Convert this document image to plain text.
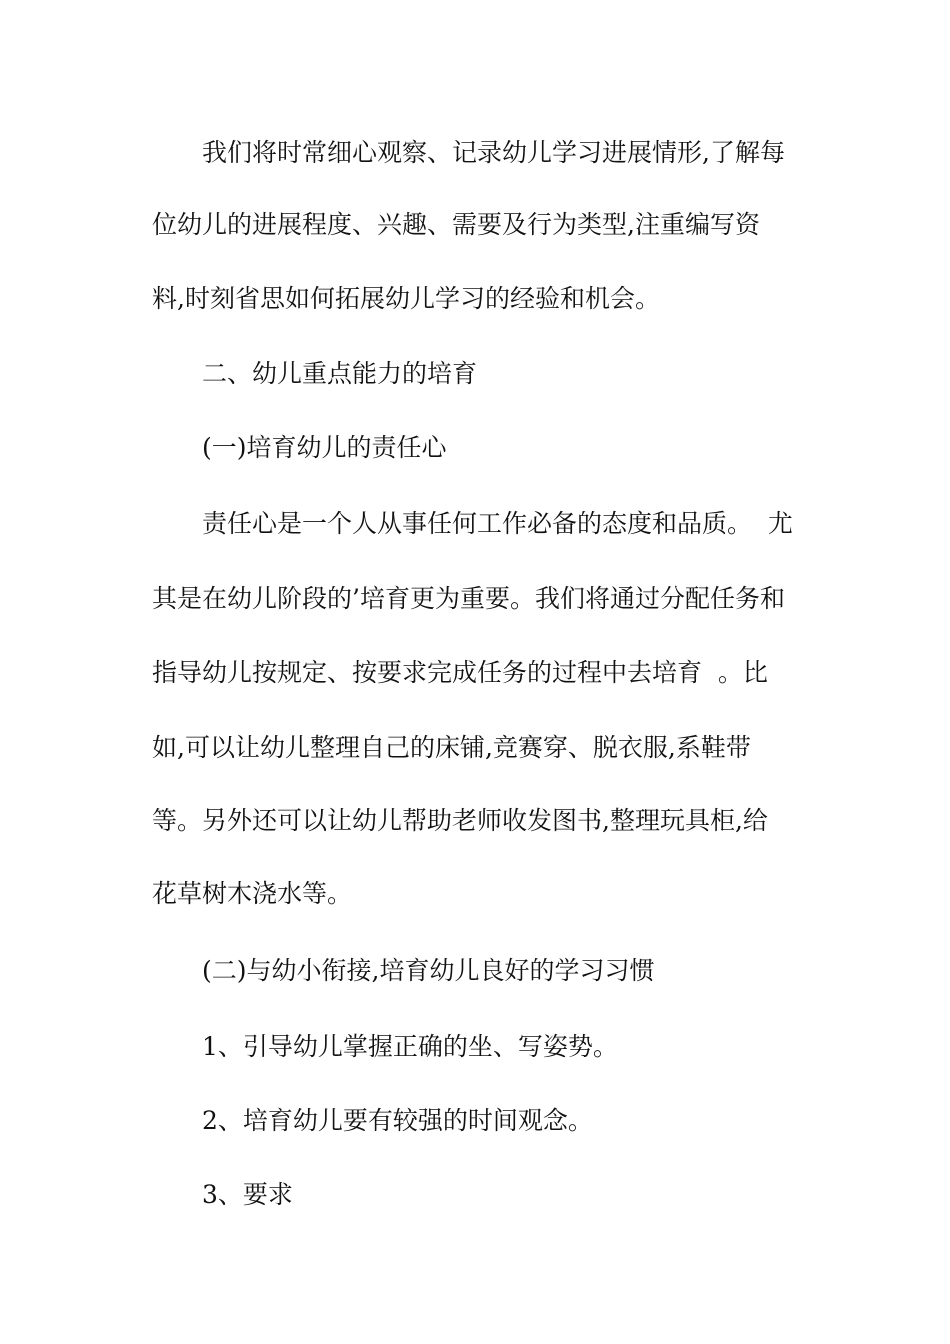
我们将时常细心观察、记录幼儿学习进展情形,了解每
位幼儿的进展程度、兴趣、需要及行为类型,注重编写资
料,时刻省思如何拓展幼儿学习的经验和机会。
二、幼儿重点能力的培育
(一)培育幼儿的责任心
责任心是一个人从事任何工作必备的态度和品质。  尤
其是在幼儿阶段的’培育更为重要。我们将通过分配任务和
指导幼儿按规定、按要求完成任务的过程中去培育  。比
如,可以让幼儿整理自己的床铺,竞赛穿、脱衣服,系鞋带
等。另外还可以让幼儿帮助老师收发图书,整理玩具柜,给
花草树木浇水等。
(二)与幼小衔接,培育幼儿良好的学习习惯
1、引导幼儿掌握正确的坐、写姿势。
2、培育幼儿要有较强的时间观念。
3、要求
